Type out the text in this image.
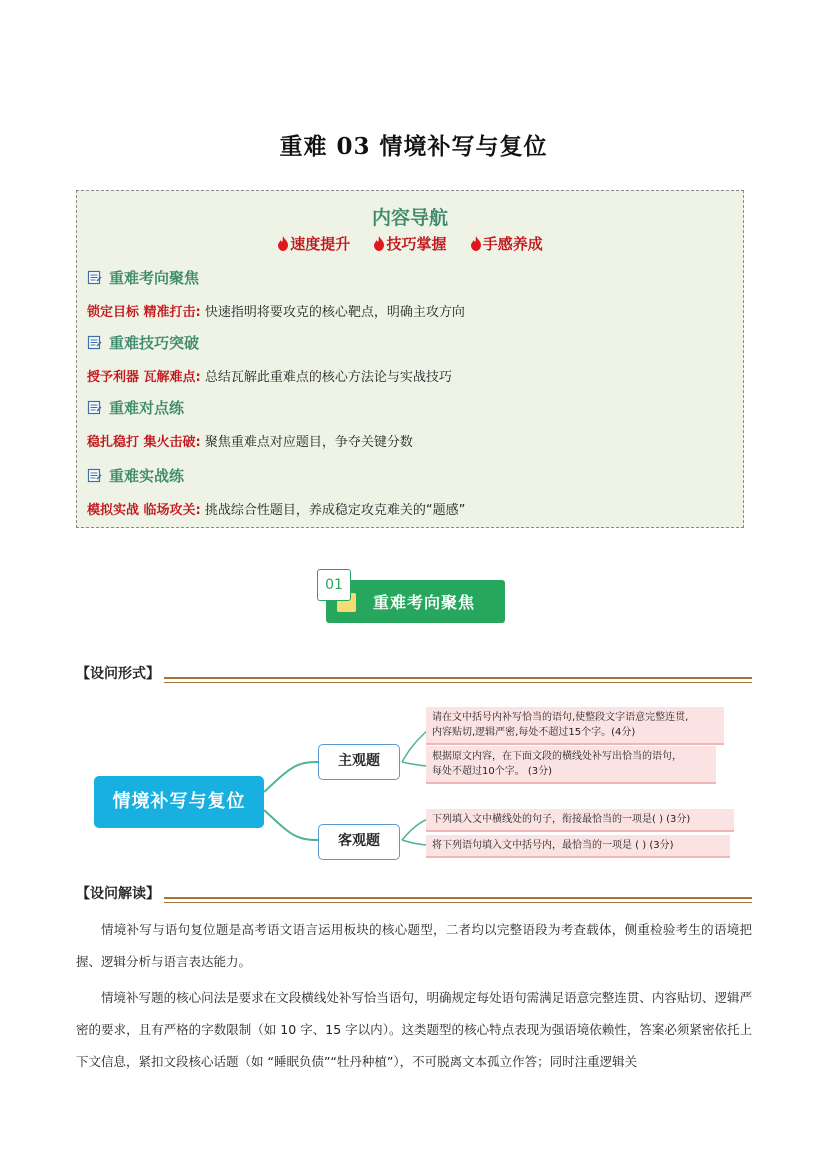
重难 03 情境补写与复位
内容导航
速度提升 技巧掌握 手感养成
重难考向聚焦
锁定目标 精准打击: 快速指明将要攻克的核心靶点，明确主攻方向
重难技巧突破
授予利器 瓦解难点: 总结瓦解此重难点的核心方法论与实战技巧
重难对点练
稳扎稳打 集火击破: 聚焦重难点对应题目，争夺关键分数
重难实战练
模拟实战 临场攻关: 挑战综合性题目，养成稳定攻克难关的“题感”
01
重难考向聚焦
【设问形式】
情境补写与复位
主观题
客观题
请在文中括号内补写恰当的语句,使整段文字语意完整连贯,
内容贴切,逻辑严密,每处不超过15个字。(4分)
根据原文内容，在下面文段的横线处补写出恰当的语句，
每处不超过10个字。 (3分)
下列填入文中横线处的句子，衔接最恰当的一项是( ) (3分)
将下列语句填入文中括号内，最恰当的一项是 ( ) (3分)
【设问解读】
情境补写与语句复位题是高考语文语言运用板块的核心题型，二者均以完整语段为考查载体，侧重检验考生的语境把握、逻辑分析与语言表达能力。
情境补写题的核心问法是要求在文段横线处补写恰当语句，明确规定每处语句需满足语意完整连贯、内容贴切、逻辑严密的要求，且有严格的字数限制（如 10 字、15 字以内）。这类题型的核心特点表现为强语境依赖性，答案必须紧密依托上下文信息，紧扣文段核心话题（如 “睡眠负债”“牡丹种植”），不可脱离文本孤立作答；同时注重逻辑关
